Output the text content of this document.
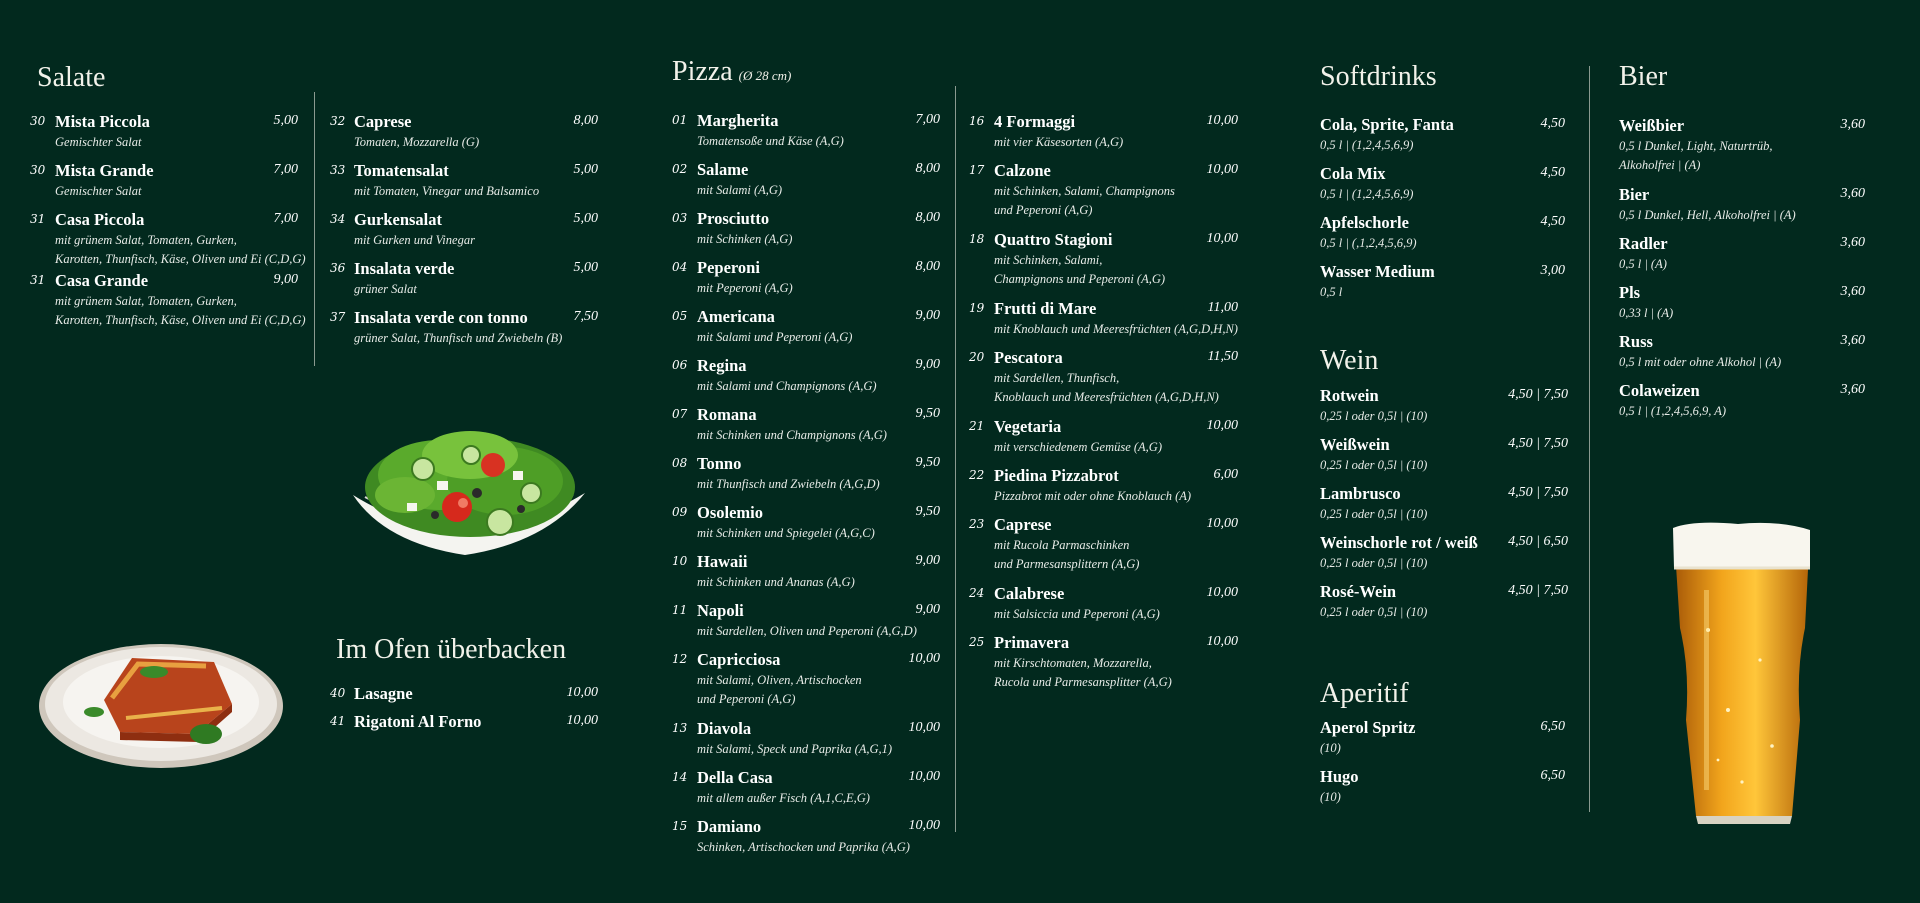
Salate	Pizza (Ø 28 cm)
Im Ofen überbacken
Softdrinks
Wein
Aperitif
Bier
5,00
30 Mista Piccola
Gemischter Salat
7,00
30 Mista Grande
Gemischter Salat
7,00
31 Casa Piccola
mit grünem Salat, Tomaten, Gurken,
Karotten, Thunfisch, Käse, Oliven und Ei (C,D,G)
9,00
31 Casa Grande
mit grünem Salat, Tomaten, Gurken,
Karotten, Thunfisch, Käse, Oliven und Ei (C,D,G)
8,00
32 Caprese
Tomaten, Mozzarella (G)
5,00
33 Tomatensalat
mit Tomaten, Vinegar und Balsamico
5,00
34 Gurkensalat
mit Gurken und Vinegar
5,00
36 Insalata verde
grüner Salat
7,50
37 Insalata verde con tonno
grüner Salat, Thunfisch und Zwiebeln (B)
10,00
40 Lasagne
10,00
41 Rigatoni Al Forno
7,00
01 Margherita
Tomatensoße und Käse (A,G)
8,00
02 Salame
mit Salami (A,G)
8,00
03 Prosciutto
mit Schinken (A,G)
8,00
04 Peperoni
mit Peperoni (A,G)
9,00
05 Americana
mit Salami und Peperoni (A,G)
9,00
06 Regina
mit Salami und Champignons (A,G)
9,50
07 Romana
mit Schinken und Champignons (A,G)
9,50
08 Tonno
mit Thunfisch und Zwiebeln (A,G,D)
9,50
09 Osolemio
mit Schinken und Spiegelei (A,G,C)
9,00
10 Hawaii
mit Schinken und Ananas (A,G)
9,00
11 Napoli
mit Sardellen, Oliven und Peperoni (A,G,D)
10,00
12 Capricciosa
mit Salami, Oliven, Artischocken
und Peperoni (A,G)
10,00
13 Diavola
mit Salami, Speck und Paprika (A,G,1)
10,00
14 Della Casa
mit allem außer Fisch (A,1,C,E,G)
10,00
15 Damiano
Schinken, Artischocken und Paprika (A,G)
10,00
16 4 Formaggi
mit vier Käsesorten (A,G)
10,00
17 Calzone
mit Schinken, Salami, Champignons
und Peperoni (A,G)
10,00
18 Quattro Stagioni
mit Schinken, Salami,
Champignons und Peperoni (A,G)
11,00
19 Frutti di Mare
mit Knoblauch und Meeresfrüchten (A,G,D,H,N)
11,50
20 Pescatora
mit Sardellen, Thunfisch,
Knoblauch und Meeresfrüchten (A,G,D,H,N)
10,00
21 Vegetaria
mit verschiedenem Gemüse (A,G)
6,00
22 Piedina Pizzabrot
Pizzabrot mit oder ohne Knoblauch (A)
10,00
23 Caprese
mit Rucola Parmaschinken
und Parmesansplittern (A,G)
10,00
24 Calabrese
mit Salsiccia und Peperoni (A,G)
10,00
25 Primavera
mit Kirschtomaten, Mozzarella,
Rucola und Parmesansplitter (A,G)
4,50
Cola, Sprite, Fanta
0,5 l | (1,2,4,5,6,9)
4,50
Cola Mix
0,5 l | (1,2,4,5,6,9)
4,50
Apfelschorle
0,5 l | (,1,2,4,5,6,9)
3,00
Wasser Medium
0,5 l
4,50 | 7,50
Rotwein
0,25 l oder 0,5l | (10)
4,50 | 7,50
Weißwein
0,25 l oder 0,5l | (10)
4,50 | 7,50
Lambrusco
0,25 l oder 0,5l | (10)
4,50 | 6,50
Weinschorle rot / weiß
0,25 l oder 0,5l | (10)
4,50 | 7,50
Rosé-Wein
0,25 l oder 0,5l | (10)
6,50
Aperol Spritz
(10)
6,50
Hugo
(10)
3,60
Weißbier
0,5 l Dunkel, Light, Naturtrüb,
Alkoholfrei | (A)
3,60
Bier
0,5 l Dunkel, Hell, Alkoholfrei | (A)
3,60
Radler
0,5 l | (A)
3,60
Pls
0,33 l | (A)
3,60
Russ
0,5 l mit oder ohne Alkohol | (A)
3,60
Colaweizen
0,5 l | (1,2,4,5,6,9, A)
